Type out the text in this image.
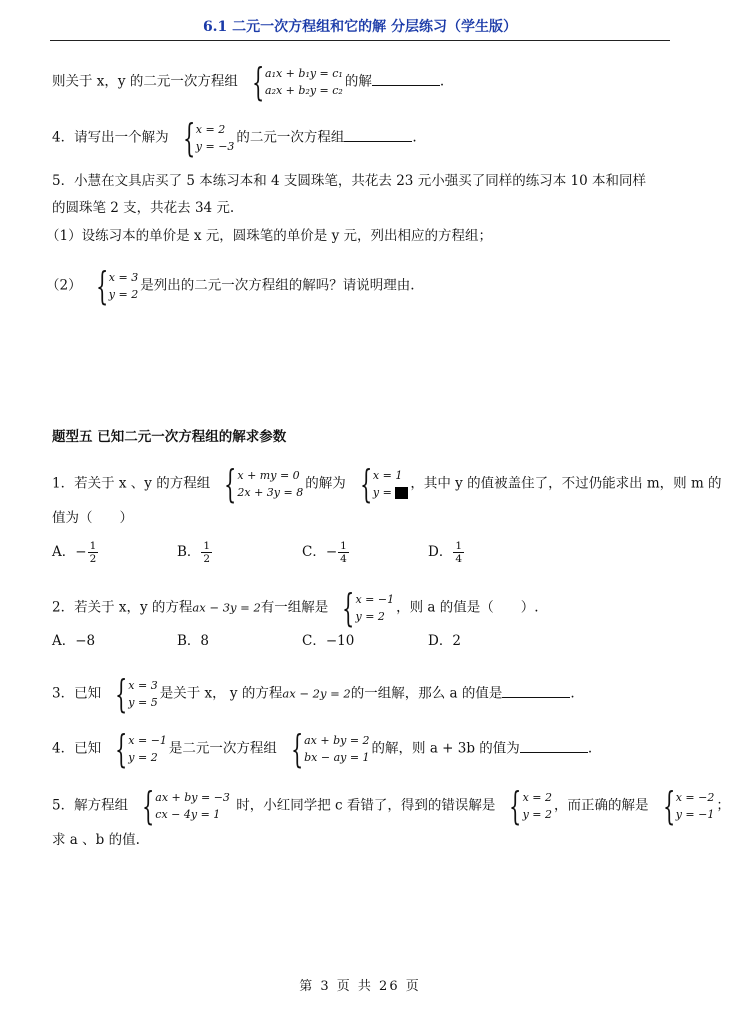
6.1 二元一次方程组和它的解 分层练习（学生版）
则关于 x，y 的二元一次方程组 { a₁x + b₁y = c₁
a₂x + b₂y = c₂
的解	.
4．请写出一个解为 { x = 2
y = −3
的二元一次方程组	.
5．小慧在文具店买了 5 本练习本和 4 支圆珠笔，共花去 23 元小强买了同样的练习本 10 本和同样
的圆珠笔 2 支，共花去 34 元.
（1）设练习本的单价是 x 元，圆珠笔的单价是 y 元，列出相应的方程组；
（2） { x = 3
y = 2
是列出的二元一次方程组的解吗？请说明理由.
题型五 已知二元一次方程组的解求参数
1．若关于 x 、y 的方程组 { x + my = 0
2x + 3y = 8
的解为 { x = 1
y =
，其中 y 的值被盖住了，不过仍能求出 m，则 m 的
值为（　　）
A．− $\frac{1}{2}$	B． $\frac{1}{2}$	C．− $\frac{1}{4}$	D． $\frac{1}{4}$
2．若关于 x，y 的方程ax − 3y = 2有一组解是 { x = −1
y = 2
，则 a 的值是（　　）.
A．−8	B．8	C．−10	D．2
3．已知 { x = 3
y = 5
是关于 x， y 的方程ax − 2y = 2的一组解，那么 a 的值是	.
4．已知 { x = −1
y = 2
是二元一次方程组 { ax + by = 2
bx − ay = 1
的解，则 a + 3b 的值为	.
5．解方程组 { ax + by = −3
cx − 4y = 1
时，小红同学把 c 看错了，得到的错误解是 { x = 2
y = 2
，而正确的解是 { x = −2
y = −1
；
求 a 、b 的值.
第 3 页 共 26 页
